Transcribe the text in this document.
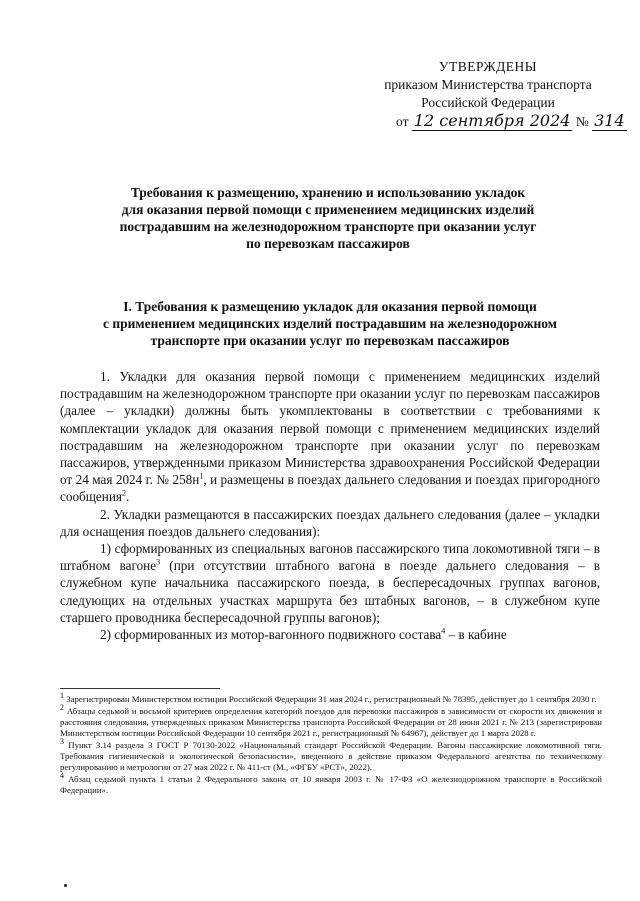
УТВЕРЖДЕНЫ
приказом Министерства транспорта
Российской Федерации
от 12 сентября 2024 № 314
Требования к размещению, хранению и использованию укладок
для оказания первой помощи с применением медицинских изделий
пострадавшим на железнодорожном транспорте при оказании услуг
по перевозкам пассажиров
I. Требования к размещению укладок для оказания первой помощи
с применением медицинских изделий пострадавшим на железнодорожном
транспорте при оказании услуг по перевозкам пассажиров

1. Укладки для оказания первой помощи с применением медицинских изделий пострадавшим на железнодорожном транспорте при оказании услуг по перевозкам пассажиров (далее – укладки) должны быть укомплектованы в соответствии с требованиями к комплектации укладок для оказания первой помощи с применением медицинских изделий пострадавшим на железнодорожном транспорте при оказании услуг по перевозкам пассажиров, утвержденными приказом Министерства здравоохранения Российской Федерации от 24 мая 2024 г. № $258н^1$, и размещены в поездах дальнего следования и поездах пригородного сообщения$^2$.

2. Укладки размещаются в пассажирских поездах дальнего следования (далее – укладки для оснащения поездов дальнего следования):

1) сформированных из специальных вагонов пассажирского типа локомотивной тяги – в штабном вагоне$^3$ (при отсутствии штабного вагона в поезде дальнего следования – в служебном купе начальника пассажирского поезда, в беспересадочных группах вагонов, следующих на отдельных участках маршрута без штабных вагонов, – в служебном купе старшего проводника беспересадочной группы вагонов);

2) сформированных из мотор-вагонного подвижного состава$^4$ – в кабине

$^1$ Зарегистрирован Министерством юстиции Российской Федерации 31 мая 2024 г., регистрационный № 78395, действует до 1 сентября 2030 г.

$^2$ Абзацы седьмой и восьмой критериев определения категорий поездов для перевозки пассажиров в зависимости от скорости их движения и расстояния следования, утвержденных приказом Министерства транспорта Российской Федерации от 28 июня 2021 г. № 213 (зарегистрирован Министерством юстиции Российской Федерации 10 сентября 2021 г., регистрационный № 64967), действует до 1 марта 2028 г.

$^3$ Пункт 3.14 раздела 3 ГОСТ Р 70130-2022 «Национальный стандарт Российской Федерации. Вагоны пассажирские локомотивной тяги. Требования гигиенической и экологической безопасности», введенного в действие приказом Федерального агентства по техническому регулированию и метрологии от 27 мая 2022 г. № 411-ст (М., «ФГБУ «РСТ», 2022).

$^4$ Абзац седьмой пункта 1 статьи 2 Федерального закона от 10 января 2003 г. № 17-ФЗ «О железнодорожном транспорте в Российской Федерации».
